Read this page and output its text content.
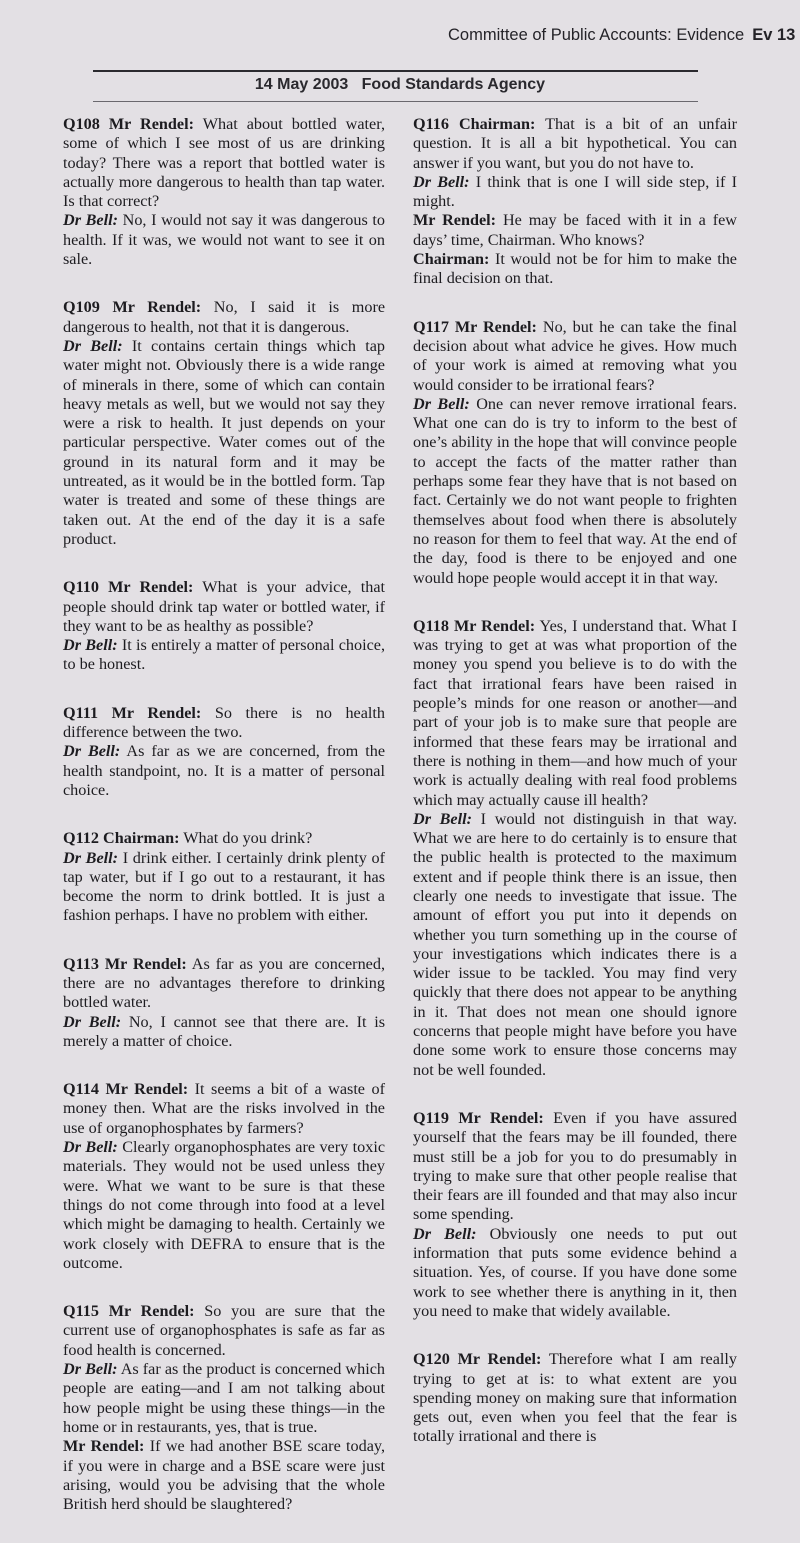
Committee of Public Accounts: Evidence Ev 13
14 May 2003   Food Standards Agency

Q108 Mr Rendel: What about bottled water, some of which I see most of us are drinking today? There was a report that bottled water is actually more dangerous to health than tap water. Is that correct?

Dr Bell: No, I would not say it was dangerous to health. If it was, we would not want to see it on sale.

Q109 Mr Rendel: No, I said it is more dangerous to health, not that it is dangerous.

Dr Bell: It contains certain things which tap water might not. Obviously there is a wide range of minerals in there, some of which can contain heavy metals as well, but we would not say they were a risk to health. It just depends on your particular perspective. Water comes out of the ground in its natural form and it may be untreated, as it would be in the bottled form. Tap water is treated and some of these things are taken out. At the end of the day it is a safe product.

Q110 Mr Rendel: What is your advice, that people should drink tap water or bottled water, if they want to be as healthy as possible?

Dr Bell: It is entirely a matter of personal choice, to be honest.

Q111 Mr Rendel: So there is no health difference between the two.

Dr Bell: As far as we are concerned, from the health standpoint, no. It is a matter of personal choice.

Q112 Chairman: What do you drink?

Dr Bell: I drink either. I certainly drink plenty of tap water, but if I go out to a restaurant, it has become the norm to drink bottled. It is just a fashion perhaps. I have no problem with either.

Q113 Mr Rendel: As far as you are concerned, there are no advantages therefore to drinking bottled water.

Dr Bell: No, I cannot see that there are. It is merely a matter of choice.

Q114 Mr Rendel: It seems a bit of a waste of money then. What are the risks involved in the use of organophosphates by farmers?

Dr Bell: Clearly organophosphates are very toxic materials. They would not be used unless they were. What we want to be sure is that these things do not come through into food at a level which might be damaging to health. Certainly we work closely with DEFRA to ensure that is the outcome.

Q115 Mr Rendel: So you are sure that the current use of organophosphates is safe as far as food health is concerned.

Dr Bell: As far as the product is concerned which people are eating—and I am not talking about how people might be using these things—in the home or in restaurants, yes, that is true.

Mr Rendel: If we had another BSE scare today, if you were in charge and a BSE scare were just arising, would you be advising that the whole British herd should be slaughtered?

Q116 Chairman: That is a bit of an unfair question. It is all a bit hypothetical. You can answer if you want, but you do not have to.

Dr Bell: I think that is one I will side step, if I might.

Mr Rendel: He may be faced with it in a few days’ time, Chairman. Who knows?

Chairman: It would not be for him to make the final decision on that.

Q117 Mr Rendel: No, but he can take the final decision about what advice he gives. How much of your work is aimed at removing what you would consider to be irrational fears?

Dr Bell: One can never remove irrational fears. What one can do is try to inform to the best of one’s ability in the hope that will convince people to accept the facts of the matter rather than perhaps some fear they have that is not based on fact. Certainly we do not want people to frighten themselves about food when there is absolutely no reason for them to feel that way. At the end of the day, food is there to be enjoyed and one would hope people would accept it in that way.

Q118 Mr Rendel: Yes, I understand that. What I was trying to get at was what proportion of the money you spend you believe is to do with the fact that irrational fears have been raised in people’s minds for one reason or another—and part of your job is to make sure that people are informed that these fears may be irrational and there is nothing in them—and how much of your work is actually dealing with real food problems which may actually cause ill health?

Dr Bell: I would not distinguish in that way. What we are here to do certainly is to ensure that the public health is protected to the maximum extent and if people think there is an issue, then clearly one needs to investigate that issue. The amount of effort you put into it depends on whether you turn something up in the course of your investigations which indicates there is a wider issue to be tackled. You may find very quickly that there does not appear to be anything in it. That does not mean one should ignore concerns that people might have before you have done some work to ensure those concerns may not be well founded.

Q119 Mr Rendel: Even if you have assured yourself that the fears may be ill founded, there must still be a job for you to do presumably in trying to make sure that other people realise that their fears are ill founded and that may also incur some spending.

Dr Bell: Obviously one needs to put out information that puts some evidence behind a situation. Yes, of course. If you have done some work to see whether there is anything in it, then you need to make that widely available.

Q120 Mr Rendel: Therefore what I am really trying to get at is: to what extent are you spending money on making sure that information gets out, even when you feel that the fear is totally irrational and there is
